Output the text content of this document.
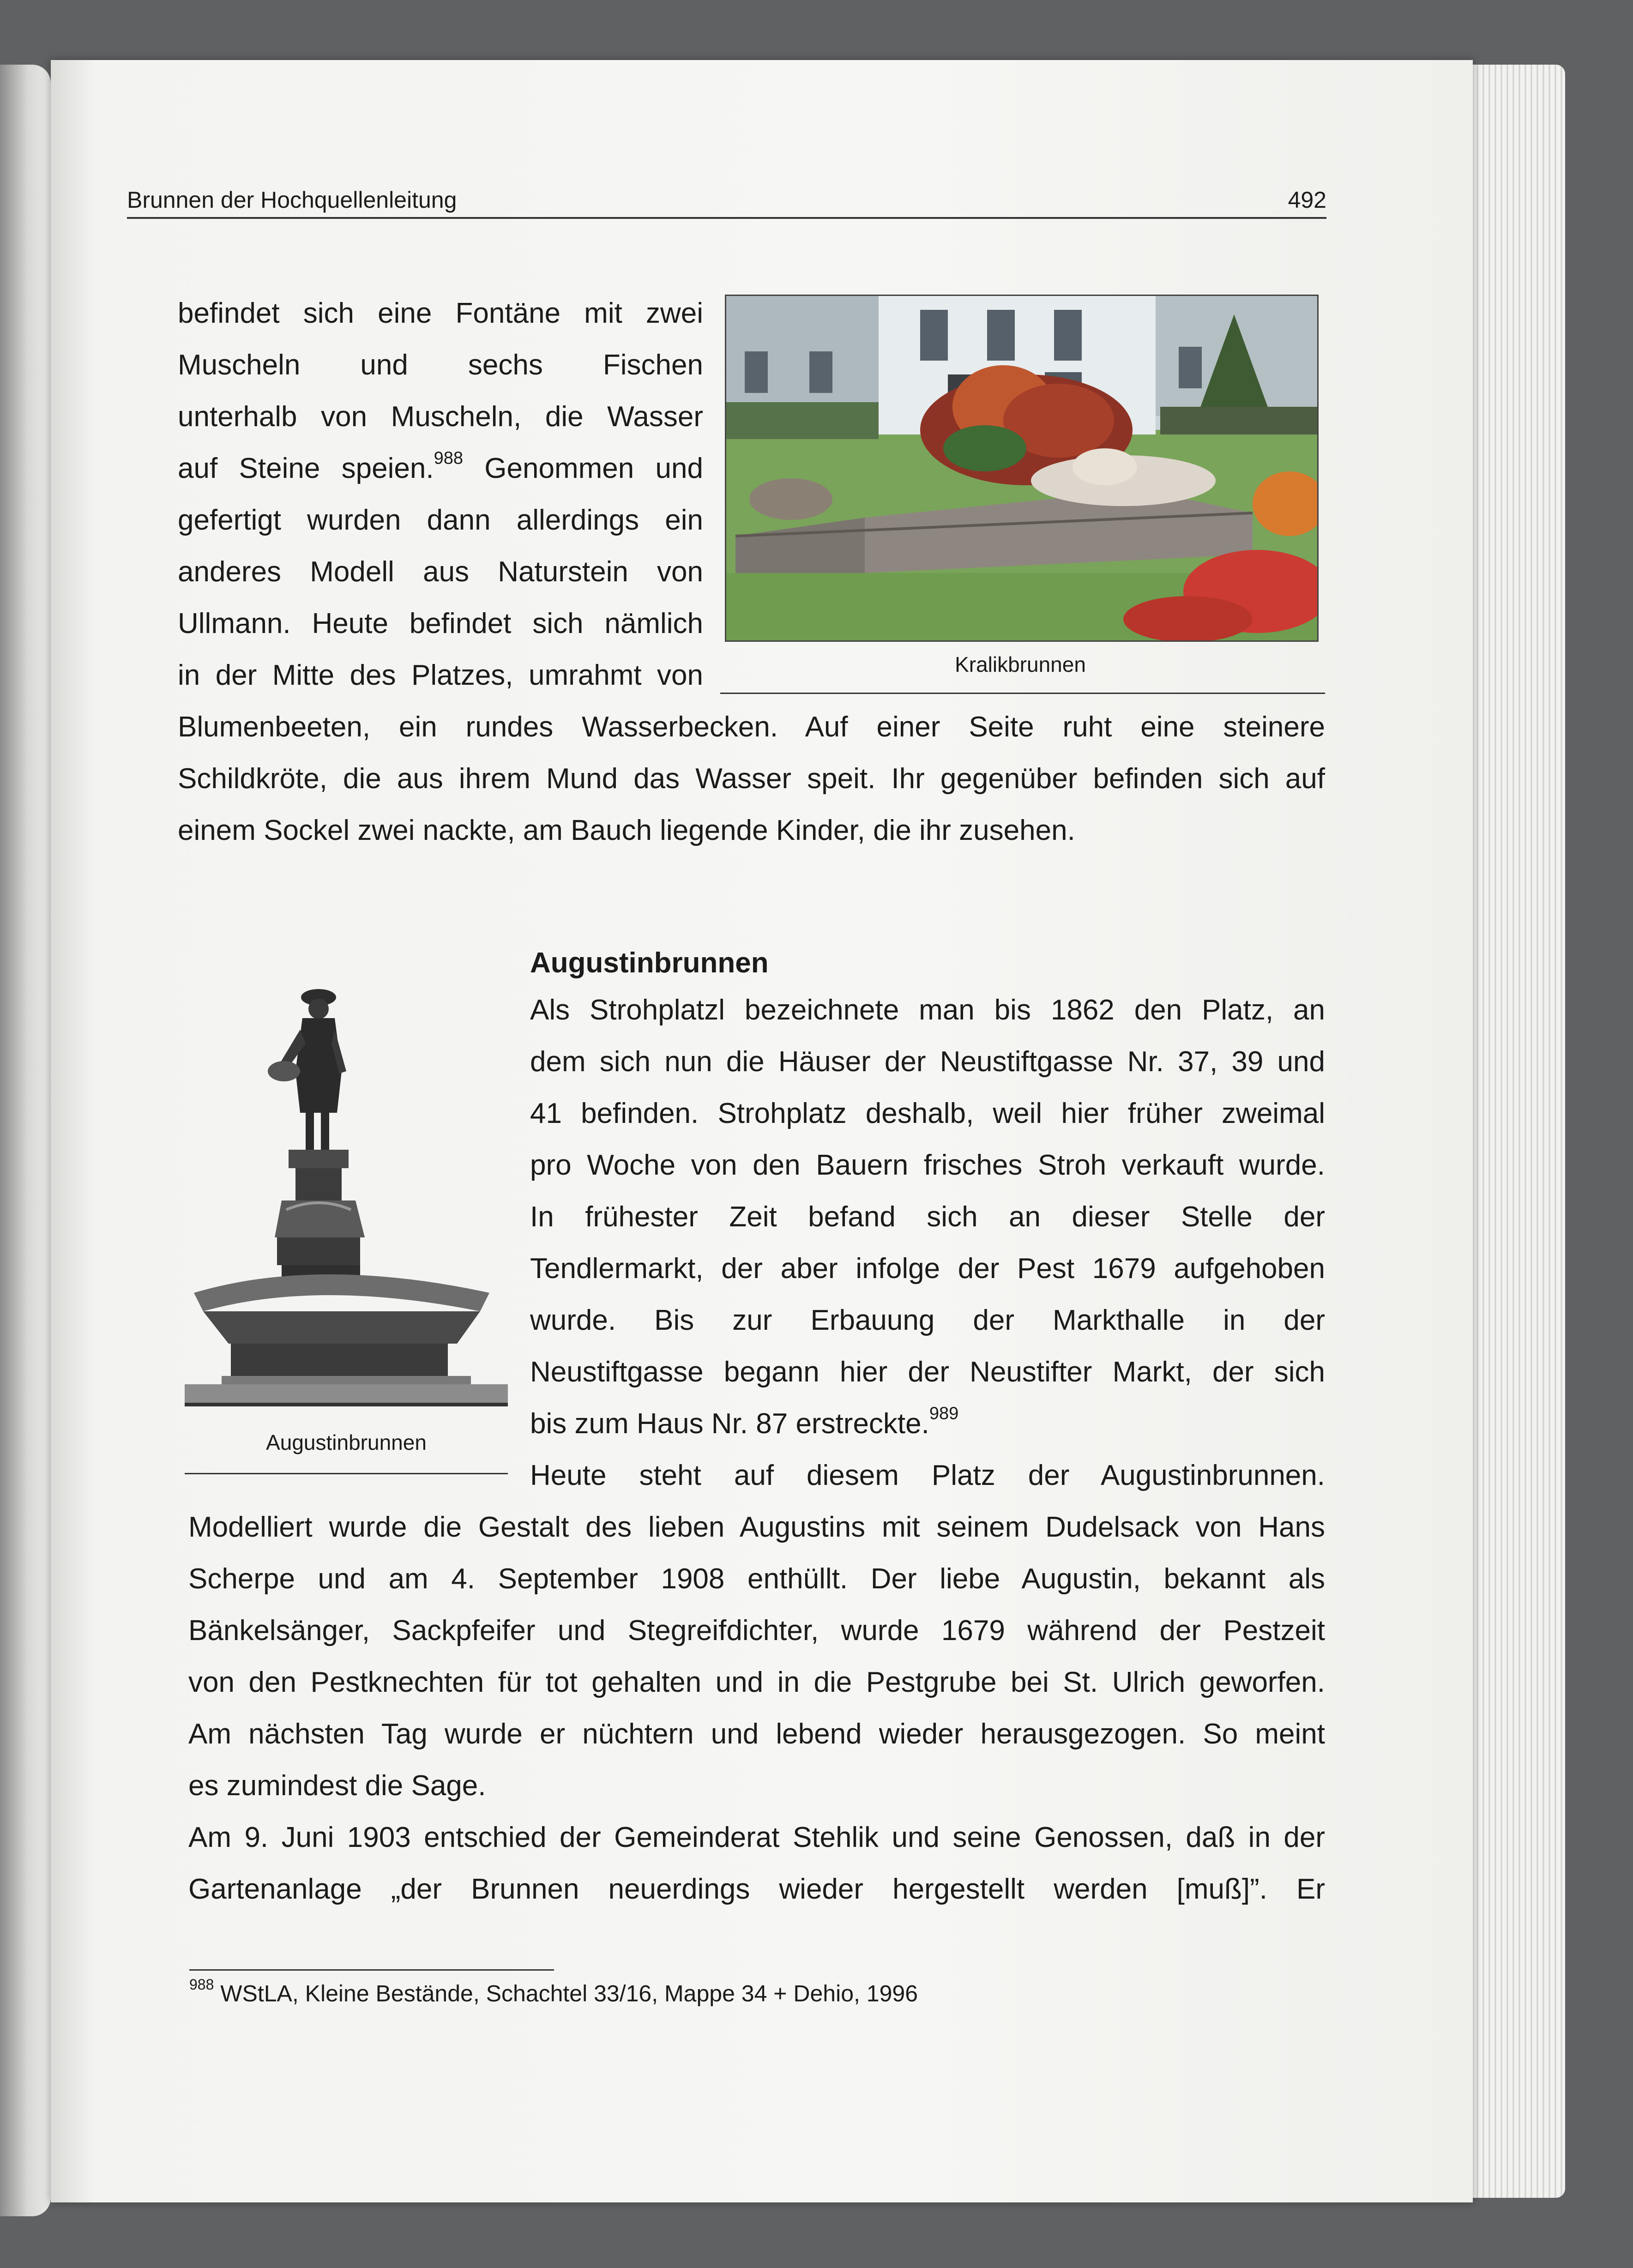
Brunnen der Hochquellenleitung	492
Kralikbrunnen
befindet sich eine Fontäne mit zwei
Muscheln und sechs Fischen
unterhalb von Muscheln, die Wasser
auf Steine speien.$^{988}$ Genommen und
gefertigt wurden dann allerdings ein
anderes Modell aus Naturstein von
Ullmann. Heute befindet sich nämlich
in der Mitte des Platzes, umrahmt von
Blumenbeeten, ein rundes Wasserbecken. Auf einer Seite ruht eine steinere
Schildkröte, die aus ihrem Mund das Wasser speit. Ihr gegenüber befinden sich auf
einem Sockel zwei nackte, am Bauch liegende Kinder, die ihr zusehen.
Augustinbrunnen
Augustinbrunnen
Als Strohplatzl bezeichnete man bis 1862 den Platz, an
dem sich nun die Häuser der Neustiftgasse Nr. 37, 39 und
41 befinden. Strohplatz deshalb, weil hier früher zweimal
pro Woche von den Bauern frisches Stroh verkauft wurde.
In frühester Zeit befand sich an dieser Stelle der
Tendlermarkt, der aber infolge der Pest 1679 aufgehoben
wurde. Bis zur Erbauung der Markthalle in der
Neustiftgasse begann hier der Neustifter Markt, der sich
bis zum Haus Nr. 87 erstreckte.$^{989}$
Heute steht auf diesem Platz der Augustinbrunnen.
Modelliert wurde die Gestalt des lieben Augustins mit seinem Dudelsack von Hans
Scherpe und am 4. September 1908 enthüllt. Der liebe Augustin, bekannt als
Bänkelsänger, Sackpfeifer und Stegreifdichter, wurde 1679 während der Pestzeit
von den Pestknechten für tot gehalten und in die Pestgrube bei St. Ulrich geworfen.
Am nächsten Tag wurde er nüchtern und lebend wieder herausgezogen. So meint
es zumindest die Sage.
Am 9. Juni 1903 entschied der Gemeinderat Stehlik und seine Genossen, daß in der
Gartenanlage „der Brunnen neuerdings wieder hergestellt werden [muß]”. Er
$^{988}$ WStLA, Kleine Bestände, Schachtel 33/16, Mappe 34 + Dehio, 1996
